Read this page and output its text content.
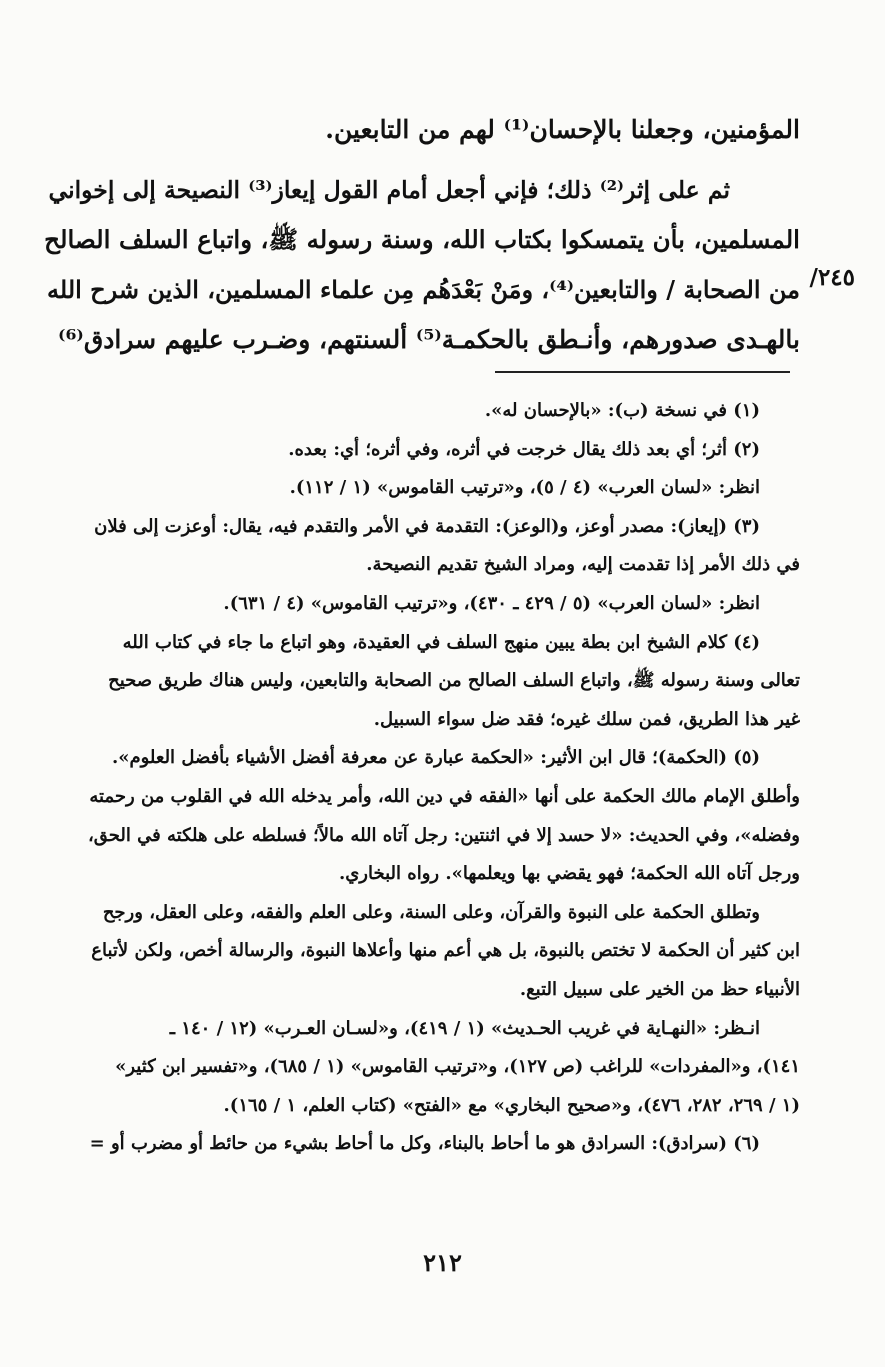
المؤمنين، وجعلنا بالإحسان⁽¹⁾ لهم من التابعين.

ثم على إثر⁽²⁾ ذلك؛ فإني أجعل أمام القول إيعاز⁽³⁾ النصيحة إلى إخواني

المسلمين، بأن يتمسكوا بكتاب الله، وسنة رسوله ﷺ، واتباع السلف الصالح

من الصحابة / والتابعين⁽⁴⁾، ومَنْ بَعْدَهُم مِن علماء المسلمين، الذين شرح الله

بالهـدى صدورهم، وأنـطق بالحكمـة⁽⁵⁾ ألسنتهم، وضـرب عليهم سرادق⁽⁶⁾

٢٤٥/

(١) في نسخة (ب): «بالإحسان له».

(٢) أثر؛ أي بعد ذلك يقال خرجت في أثره، وفي أثره؛ أي: بعده.

انظر: «لسان العرب» (٤ / ٥)، و«ترتيب القاموس» (١ / ١١٢).

(٣) (إيعاز): مصدر أوعز، و(الوعز): التقدمة في الأمر والتقدم فيه، يقال: أوعزت إلى فلان

في ذلك الأمر إذا تقدمت إليه، ومراد الشيخ تقديم النصيحة.

انظر: «لسان العرب» (٥ / ٤٢٩ ـ ٤٣٠)، و«ترتيب القاموس» (٤ / ٦٣١).

(٤) كلام الشيخ ابن بطة يبين منهج السلف في العقيدة، وهو اتباع ما جاء في كتاب الله

تعالى وسنة رسوله ﷺ، واتباع السلف الصالح من الصحابة والتابعين، وليس هناك طريق صحيح

غير هذا الطريق، فمن سلك غيره؛ فقد ضل سواء السبيل.

(٥) (الحكمة)؛ قال ابن الأثير: «الحكمة عبارة عن معرفة أفضل الأشياء بأفضل العلوم».

وأطلق الإمام مالك الحكمة على أنها «الفقه في دين الله، وأمر يدخله الله في القلوب من رحمته

وفضله»، وفي الحديث: «لا حسد إلا في اثنتين: رجل آتاه الله مالاً؛ فسلطه على هلكته في الحق،

ورجل آتاه الله الحكمة؛ فهو يقضي بها ويعلمها». رواه البخاري.

وتطلق الحكمة على النبوة والقرآن، وعلى السنة، وعلى العلم والفقه، وعلى العقل، ورجح

ابن كثير أن الحكمة لا تختص بالنبوة، بل هي أعم منها وأعلاها النبوة، والرسالة أخص، ولكن لأتباع

الأنبياء حظ من الخير على سبيل التبع.

انـظر: «النهـاية في غريب الحـديث» (١ / ٤١٩)، و«لسـان العـرب» (١٢ / ١٤٠ ـ

١٤١)، و«المفردات» للراغب (ص ١٢٧)، و«ترتيب القاموس» (١ / ٦٨٥)، و«تفسير ابن كثير»

(١ / ٢٦٩، ٢٨٢، ٤٧٦)، و«صحيح البخاري» مع «الفتح» (كتاب العلم، ١ / ١٦٥).

(٦) (سرادق): السرادق هو ما أحاط بالبناء، وكل ما أحاط بشيء من حائط أو مضرب أو =

٢١٢
